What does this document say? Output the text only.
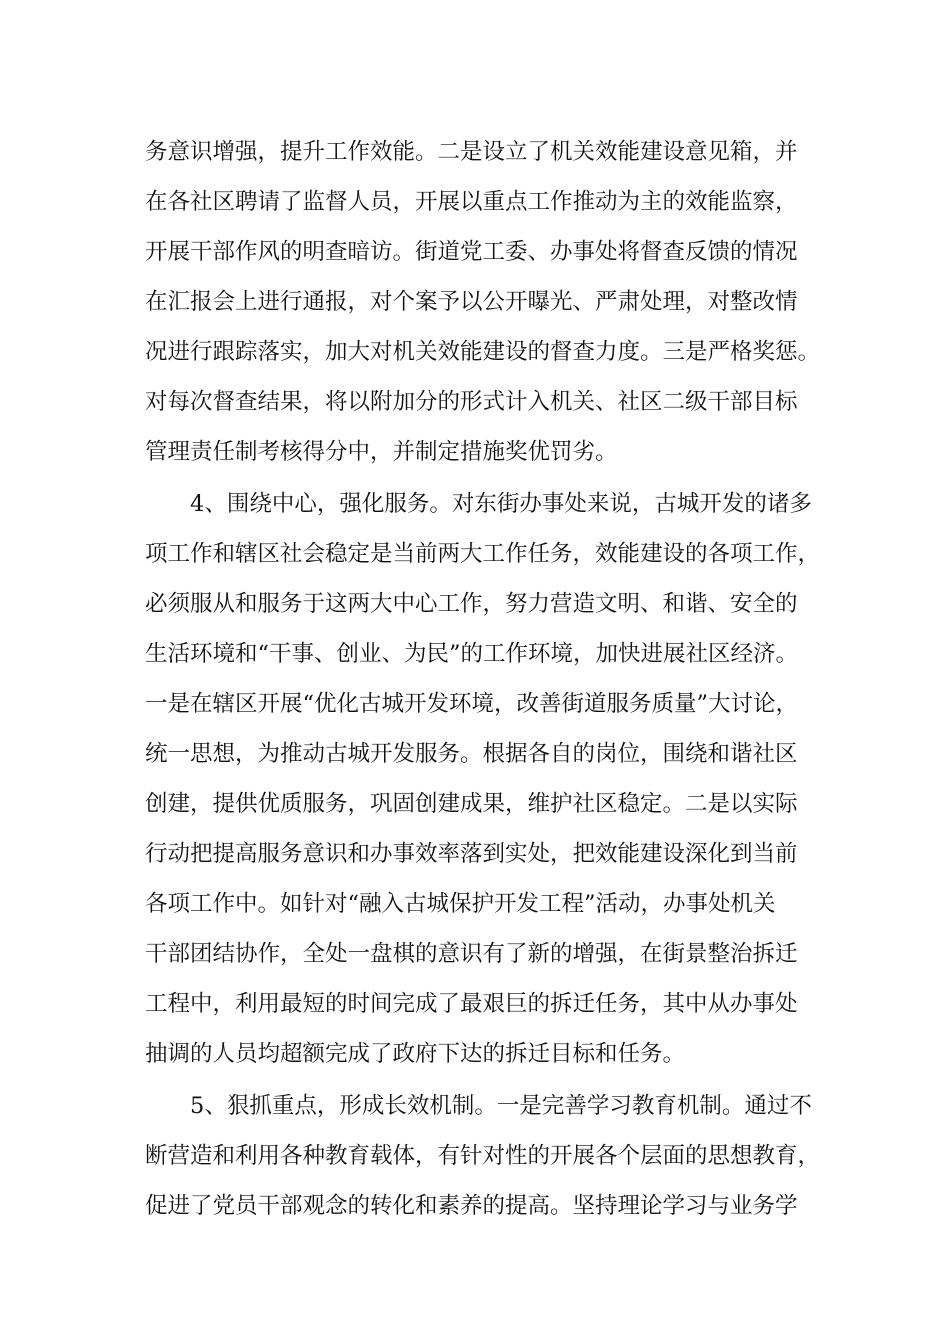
务意识增强，提升工作效能。二是设立了机关效能建设意见箱，并
在各社区聘请了监督人员，开展以重点工作推动为主的效能监察，
开展干部作风的明查暗访。街道党工委、办事处将督查反馈的情况
在汇报会上进行通报，对个案予以公开曝光、严肃处理，对整改情
况进行跟踪落实，加大对机关效能建设的督查力度。三是严格奖惩。
对每次督查结果，将以附加分的形式计入机关、社区二级干部目标
管理责任制考核得分中，并制定措施奖优罚劣。
4、围绕中心，强化服务。对东街办事处来说，古城开发的诸多
项工作和辖区社会稳定是当前两大工作任务，效能建设的各项工作，
必须服从和服务于这两大中心工作，努力营造文明、和谐、安全的
生活环境和“干事、创业、为民”的工作环境，加快进展社区经济。
一是在辖区开展“优化古城开发环境，改善街道服务质量”大讨论，
统一思想，为推动古城开发服务。根据各自的岗位，围绕和谐社区
创建，提供优质服务，巩固创建成果，维护社区稳定。二是以实际
行动把提高服务意识和办事效率落到实处，把效能建设深化到当前
各项工作中。如针对“融入古城保护开发工程”活动，办事处机关
干部团结协作，全处一盘棋的意识有了新的增强，在街景整治拆迁
工程中，利用最短的时间完成了最艰巨的拆迁任务，其中从办事处
抽调的人员均超额完成了政府下达的拆迁目标和任务。
5、狠抓重点，形成长效机制。一是完善学习教育机制。通过不
断营造和利用各种教育载体，有针对性的开展各个层面的思想教育，
促进了党员干部观念的转化和素养的提高。坚持理论学习与业务学
